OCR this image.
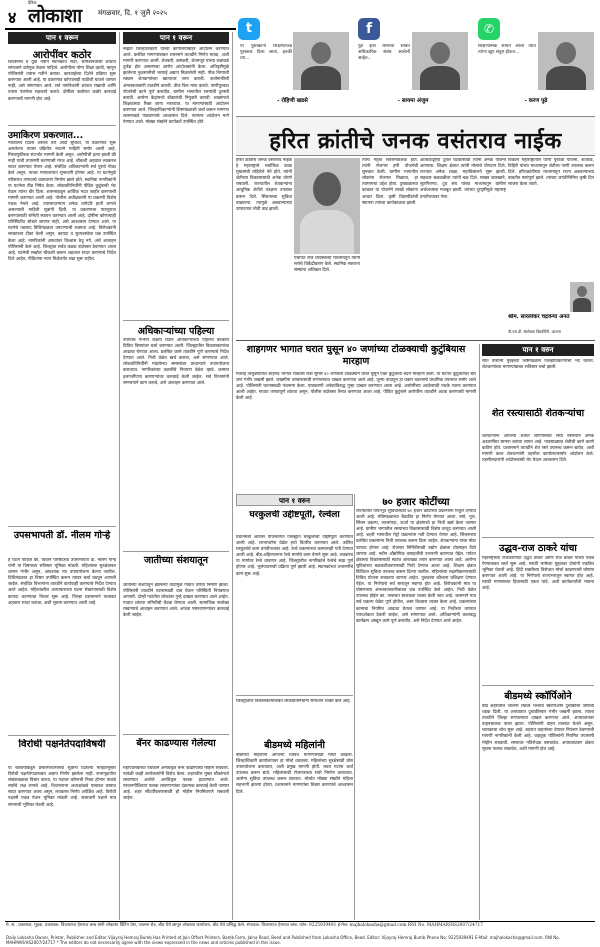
४
दैनिक
लोकाशा मंगळवार, दि. १ जुलै २०२५
पान १ वरून
आरोपींवर कठोर
शिवसेनेचे व युवा नवीन स्थानकात सदर, सोमेश्वरवरची शोधात समाजाने वर्तणूक ठेवला पाहिजे. आरोपीला योग्य शिक्षा व्हावी, म्हणून पोलिसांनी तपास गतीने करावा. कारवाईच्या दिशेने प्रक्रिया सुरू करण्यात आली आहे. या प्रकरणात कोणालाही पाठीशी घातले जाणार नाही, असे सांगण्यात आले. सर्व नागरिकांनी शांतता राखावी आणि तपास यंत्रणेला सहकार्य करावे. दोषींवर कठोरात कठोर कारवाई करण्याची मागणी होत आहे.
उमाकिरण प्रकरणात...
न्यायालय दिवस असला तरी आदी सुविधा, या प्रकरणात सुरू असलेल्या तपास प्रक्रियेत नव्याने माहिती समोर आली आहे. मिरवणुकीच्या संदर्भात मागणी केली असून, आरोपीची हत्या झाली की नाही याची तपासणी करण्याची गरज आहे. चौकशी अहवाल लवकरच सादर करण्यात येणार आहे. संबंधित अधिकाऱ्यांनी सर्व पुरावे गोळा केले असून, त्यावर न्यायालयात सुनावणी होणार आहे. या घटनेमुळे परिसरात तणावाचे वातावरण निर्माण झाले होते. स्थानिक नागरिकांनी या घटनेचा तीव्र निषेध केला. लोकप्रतिनिधींनी पीडित कुटुंबाची भेट घेऊन त्यांना धीर दिला. शासनाकडून आर्थिक मदत जाहीर करण्याची मागणी करण्यात आली आहे. पोलीस अधीक्षकांनी या प्रकरणी विशेष पथक नेमले आहे. तपासादरम्यान अनेक धागेदोरे हाती लागले असल्याची माहिती सूत्रांनी दिली. या प्रकरणाचा पाठपुरावा करण्यासाठी समिती स्थापन करण्यात आली आहे. दोषींना कोणत्याही परिस्थितीत सोडले जाणार नाही, असे आश्वासन देण्यात आले. या घटनेचे पडसाद विधिमंडळात उमटण्याची शक्यता आहे. विरोधकांनी सरकारवर टीका केली असून, कायदा व सुव्यवस्थेचा प्रश्न उपस्थित केला आहे. नागरिकांनी अफवांवर विश्वास ठेवू नये, असे आवाहन पोलिसांनी केले आहे. जिल्ह्यात सर्वत्र कडक बंदोबस्त ठेवण्यात आला आहे. घटनेची सखोल चौकशी करून अहवाल सादर करण्याचे निर्देश दिले आहेत. पीडितांना न्याय मिळेपर्यंत लढा सुरू राहील.
उपसभापती डॉ. नीलम गोऱ्हे
हे पटले पाहिजे की, विधान परिषदेच्या उपसभापती डॉ. नीलम गोऱ्हे यांनी या विषयावर सविस्तर भूमिका मांडली. महिलांच्या सुरक्षेबाबत शासन गंभीर असून, आवश्यक त्या उपाययोजना केल्या जातील. विधिमंडळात हा विषय उपस्थित करून त्यावर चर्चा घडवून आणली जाईल. संबंधित विभागांना तातडीने कार्यवाही करण्याचे निर्देश देण्यात आले आहेत. महिलांवरील अत्याचाराच्या घटना रोखण्यासाठी विशेष कायदा करण्याचा विचार सुरू आहे. जिल्हा प्रशासनाने याबाबत अहवाल सादर करावा, अशी सूचना करण्यात आली आहे.
विरोधी पक्षनेतेपदाविषयी
या चालत्याकडून प्रसारमाध्यमांच्या सूत्रांनी दिलेल्या माहितीनुसार विरोधी पक्षनेतेपदाबाबत अद्याप निर्णय झालेला नाही. सभागृहातील संख्याबळाचा विचार करता, या पदावर कोणाची निवड होणार याकडे सर्वांचे लक्ष लागले आहे. विधानसभा अध्यक्षांकडे याबाबत प्रस्ताव सादर करण्यात आला असून, लवकरच निर्णय अपेक्षित आहे. विरोधी पक्षांनी एकत्र येऊन भूमिका मांडली आहे. सत्ताधारी पक्षाने मात्र संयमाची भूमिका घेतली आहे.
पान १ वरून
नव्हता जिल्हाधिकारी यांच्या कार्यालयाबाहेर आंदोलन करण्यात आले. प्रलंबित मागण्यांबाबत शासनाने तातडीने निर्णय घ्यावा, अशी मागणी करण्यात आली. शेतकरी, कष्टकरी, शेतमजूर यांच्या प्रश्नांकडे दुर्लक्ष होत असल्याचा आरोप आंदोलकांनी केला. अतिवृष्टीमुळे झालेल्या नुकसानीची भरपाई अद्याप मिळालेली नाही. पीक विम्याची रक्कम शेतकऱ्यांच्या खात्यावर जमा करावी. कर्जमाफीची अंमलबजावणी तातडीने करावी. वीज बिल माफ करावे. पाणीपुरवठा योजनेची कामे पूर्ण करावीत. ग्रामीण भागातील रस्त्यांची दुरुस्ती करावी. आरोग्य केंद्रांमध्ये डॉक्टरांची नियुक्ती करावी. शाळांमध्ये शिक्षकांच्या रिक्त जागा भराव्यात. या मागण्यांसाठी आंदोलन करण्यात आले. जिल्हाधिकाऱ्यांनी शिष्टमंडळाशी चर्चा करून मागण्या शासनाकडे पाठवण्याचे आश्वासन दिले. त्यानंतर आंदोलन मागे घेण्यात आले. मोठ्या संख्येने कार्यकर्ते उपस्थित होते.
अधिकाऱ्यांच्या पहिल्या
उपायांचे गांभीर्य लक्षात घेऊन अधिकाऱ्यांच्या पहिल्या बैठकीत विविध विषयांवर चर्चा करण्यात आली. जिल्ह्यातील विकासकामांचा आढावा घेण्यात आला. प्रलंबित कामे तातडीने पूर्ण करण्याचे निर्देश देण्यात आले. निधी वेळेत खर्च करावा, असे सांगण्यात आले. लोकप्रतिनिधींनी मांडलेल्या समस्यांवर प्राधान्याने उपाययोजना कराव्यात. नागरिकांच्या तक्रारींचे निवारण वेळेत व्हावे. कामात हलगर्जीपणा करणाऱ्यांवर कारवाई केली जाईल. सर्व विभागांनी समन्वयाने काम करावे, असे आवाहन करण्यात आले.
जातीच्या संशयातून
जातीच्या संशयातून झालेल्या वादामुळे गावात तणाव निर्माण झाला. पोलिसांनी तातडीने घटनास्थळी धाव घेऊन परिस्थिती नियंत्रणात आणली. दोन्ही गटांतील लोकांवर गुन्हे दाखल करण्यात आले आहेत. गावात शांतता समितीची बैठक घेण्यात आली. सामाजिक सलोखा राखण्याचे आवाहन करण्यात आले. अफवा पसरवणाऱ्यांवर कारवाई केली जाईल.
बॅनर काढण्यास गेलेल्या
महापालिकेच्या पथकाने अनधिकृत बॅनर काढण्याची मोहीम राबवली. यावेळी काही कार्यकर्त्यांनी विरोध केला. शहरातील मुख्य चौकांमध्ये लावण्यात आलेले अनधिकृत फलक हटवण्यात आले. परवानगीशिवाय फलक लावणाऱ्यांवर दंडात्मक कारवाई केली जाणार आहे. शहर सौंदर्यीकरणासाठी ही मोहीम नियमितपणे राबवली जाईल.
t
या पुस्तकांना शिक्षणतज्ज्ञ पुरस्कार दिला जावा, इतकी त्या...
- रोहिणी खडसे
f
पुढे इतर धर्मांच्या सोबत अधिकारिक संबंध आलेली आहेत..
- सायमा अंजुम
✆
शिक्षणात्मक साधने आली त्यात त्यांना खूप संतुष्ट होऊन...
- करण पुढे
हरित क्रांतीचे जनक वसंतराव नाईक
हरित क्रांतीचे जनक वसंतराव नाईक हे महाराष्ट्राचे सर्वाधिक काळ मुख्यमंत्री राहिलेले नेते होते. त्यांनी शेतीच्या विकासासाठी अनेक धोरणे राबवली. राज्यातील शेतकऱ्यांना आधुनिक शेतीचे तंत्रज्ञान उपलब्ध करून दिले. सिंचनाच्या सुविधा वाढवल्या. त्यामुळे अन्नधान्याच्या उत्पादनात मोठी वाढ झाली.
त्यांचे नेतृत्व सर्वसमावेशक होते. त्यांनी रोजगार हमी योजनेची सुरुवात केली. ग्रामीण भागातील लोकांना रोजगार मिळावा, हा त्यामागचा उद्देश होता. दुष्काळाच्या काळात या योजनेने लाखो लोकांना आधार दिला. कृषी विद्यापीठांची स्थापना त्यांच्या कार्यकाळात झाली.
पंचायत राज व्यवस्थेच्या माध्यमातून त्यांनी सत्तेचे विकेंद्रीकरण केले. स्थानिक स्वराज्य संस्थांना अधिकार दिले.
आर्थिकदृष्ट्या दुर्बल घटकांसाठी त्यांनी अनेक योजना आणल्या. शिक्षण क्षेत्रात त्यांनी मोलाचे योगदान दिले. राज्यात अनेक शाळा, महाविद्यालये सुरू झाली. सहकार चळवळीला त्यांनी बळ दिले. साखर कारखाने, सूतगिरण्या, दूध संघ यांच्या माध्यमातून ग्रामीण अर्थव्यवस्था मजबूत झाली. त्यांच्या दूरदृष्टीमुळे महाराष्ट्र प्रगतीपथावर गेला.
विकास महाराष्ट्रातील पाणी पुरवठा योजना, शेततळे, विहिरी यांच्या माध्यमातून शेतीला पाणी उपलब्ध करून दिले. हरितक्रांतीच्या माध्यमातून राज्य अन्नधान्याच्या बाबतीत स्वयंपूर्ण झाले. त्यांच्या जयंतीनिमित्त कृषी दिन साजरा केला जातो.
श्रीम. सारलोकर चंद्रवन्या अनंत
पी.एच.डी. संशोधक विद्यार्थिनी, जालना
शाहगणर भागात घरात घुसून ४० जणांच्या टोळक्याची कुटुंबियास मारहाण
गेवराई तालुक्यातील शाहगड भागात रविवारी रात्री सुमारे ४० जणांच्या टोळक्याने घरात घुसून एका कुटुंबाला बेदम मारहाण केली. या घटनेत कुटुंबातील चार जण गंभीर जखमी झाले. जखमींना उपचारासाठी रुग्णालयात दाखल करण्यात आले आहे. जुन्या वादातून हा प्रकार घडल्याचे प्राथमिक तपासात समोर आले आहे. पोलिसांनी घटनास्थळी पंचनामा केला. याप्रकरणी अनेकांविरुद्ध गुन्हा दाखल करण्यात आला आहे. आरोपींच्या अटकेसाठी पथके रवाना करण्यात आली आहेत. गावात तणावपूर्ण शांतता असून, पोलीस बंदोबस्त तैनात करण्यात आला आहे. पीडित कुटुंबाने आरोपींना तातडीने अटक करण्याची मागणी केली आहे.
पान १ वरुन
सात तासांनी मुंबईच्या शिष्टमंडळाने जिल्हाधिकाऱ्यांची भेट घेतली. शेतकऱ्यांच्या मागण्यांबाबत सविस्तर चर्चा झाली.
शेत रस्त्यासाठी शेतकऱ्यांचा
शेतकऱ्यांना आपल्या शेतात जाण्यासाठी रस्ता नसल्याने अनेक अडचणींचा सामना करावा लागत आहे. पावसाळ्यात शेतीची कामे करणे कठीण होते. प्रशासनाने तातडीने शेत रस्ते उपलब्ध करून द्यावेत, अशी मागणी करत शेतकऱ्यांनी तहसील कार्यालयासमोर आंदोलन केले. तहसीलदारांनी आंदोलकांची भेट घेऊन आश्वासन दिले.
उद्धव-राज ठाकरे यांचा
महाराष्ट्राच्या राजकारणात उद्धव ठाकरे आणि राज ठाकरे यांच्या एकत्र येण्याबाबत चर्चा सुरू आहे. मराठी भाषेच्या मुद्द्यावर दोघांनी एकत्रित भूमिका घेतली आहे. हिंदी सक्तीच्या विरोधात मोर्चा काढण्याची घोषणा करण्यात आली आहे. या निर्णयाचे राज्यभरातून स्वागत होत आहे. मराठी माणसाच्या हितासाठी एकत्र यावे, अशी कार्यकर्त्यांची भावना आहे.
बीडमध्ये स्कॉर्पिओने
बीड शहरातील जालना रोडवर भरधाव स्कॉर्पिओने दुचाकीला जोराची धडक दिली. या अपघातात दुचाकीस्वार गंभीर जखमी झाला. त्याला तातडीने जिल्हा रुग्णालयात दाखल करण्यात आले. अपघातानंतर वाहनचालक फरार झाला. पोलिसांनी वाहन ताब्यात घेतले असून, चालकाचा शोध सुरू आहे. शहरात वाहनांच्या वेगावर नियंत्रण ठेवण्याची मागणी नागरिकांनी केली आहे. वाहतूक पोलिसांनी नियमित तपासणी मोहीम राबवावी. रस्त्यावर गतिरोधक बसवावेत. अपघातप्रवण क्षेत्रात सूचना फलक लावावेत, अशी मागणी होत आहे.
७० हजार कोटींच्या
राज्यातील पायाभूत सुविधांसाठी ७० हजार कोटींच्या प्रकल्पांना मंजुरी देण्यात आली आहे. मंत्रिमंडळाच्या बैठकीत हा निर्णय घेण्यात आला. रस्ते, पूल, सिंचन प्रकल्प, जलसंपदा, ऊर्जा या क्षेत्रांमध्ये हा निधी खर्च केला जाणार आहे. ग्रामीण भागातील रस्त्यांच्या विकासासाठी विशेष तरतूद करण्यात आली आहे. शहरी भागातील मेट्रो प्रकल्पांना गती देण्यात येणार आहे. सिंचनाच्या प्रलंबित प्रकल्पांना निधी उपलब्ध करून दिला जाईल. शेतकऱ्यांना याचा मोठा फायदा होणार आहे. रोजगार निर्मितीसाठी उद्योग क्षेत्राला प्रोत्साहन दिले जाणार आहे. नवीन औद्योगिक वसाहतींची उभारणी करण्यात येईल. पर्यटन क्षेत्राच्या विकासासाठी स्वतंत्र आराखडा तयार करण्यात आला आहे. आरोग्य सुविधांच्या बळकटीकरणासाठी निधी देण्यात आला आहे. शिक्षण क्षेत्रात डिजिटल सुविधा उपलब्ध करून दिल्या जातील. महिलांच्या सक्षमीकरणासाठी विविध योजना राबवल्या जाणार आहेत. युवकांना कौशल्य प्रशिक्षण देण्यात येईल. या निर्णयाचे सर्व स्तरातून स्वागत होत आहे. विरोधकांनी मात्र या घोषणांच्या अंमलबजावणीबाबत प्रश्न उपस्थित केले आहेत. निधी वेळेत उपलब्ध होईल का, याबाबत साशंकता व्यक्त केली जात आहे. शासनाने मात्र सर्व प्रकल्प वेळेत पूर्ण होतील, असा विश्वास व्यक्त केला आहे. प्रकल्पांच्या कामाचा नियमित आढावा घेतला जाणार आहे. या निधीच्या वापरात पारदर्शकता ठेवली जाईल, असे सांगण्यात आले. अधिकाऱ्यांनी कालबद्ध कार्यक्रम आखून कामे पूर्ण करावीत, असे निर्देश देण्यात आले आहेत.
पान १ वरुन
घरकुलची उद्दीष्टपूर्ती, रेल्वेला
प्रधानमंत्री आवास योजनेंतर्गत जिल्ह्यात घरकुलांची उद्दिष्टपूर्ती करण्यात आली आहे. लाभार्थ्यांना वेळेत हप्ते वितरित करण्यात आले. उर्वरित घरकुलांचे काम प्रगतीपथावर आहे. रेल्वे प्रकल्पाच्या कामालाही गती देण्यात आली आहे. बीड-अहिल्यानगर रेल्वे मार्गाचे काम वेगाने सुरू आहे. लवकरच या मार्गावर रेल्वे धावणार आहे. जिल्ह्यातील नागरिकांचे रेल्वेचे स्वप्न पूर्ण होणार आहे. भूसंपादनाची प्रक्रिया पूर्ण झाली आहे. स्थानकांच्या उभारणीचे काम सुरू आहे.
जिल्ह्यातील विकासकामांबाबत लोकप्रतिनिधींनी समाधान व्यक्त केले आहे.
बीडमध्ये महिलांनी
बीडमध्ये महिलांनी आपल्या विविध मागण्यांसाठी मोर्चा काढला. जिल्हाधिकारी कार्यालयावर हा मोर्चा धडकला. महिलांच्या सुरक्षेसाठी ठोस उपाययोजना कराव्यात, अशी प्रमुख मागणी होती. बचत गटांना कर्ज उपलब्ध करून द्यावे. महिलांसाठी रोजगाराच्या संधी निर्माण कराव्यात. आरोग्य सुविधा उपलब्ध करून द्याव्यात. मोर्चात मोठ्या संख्येने महिला सहभागी झाल्या होत्या. प्रशासनाने मागण्यांचा विचार करण्याचे आश्वासन दिले.
मे. सं.. प्रकाशक, मुद्रक, प्रकाशक: विजयराज हेमराज बम्ब यांनी लोकाशा प्रिंटिंग प्रेस, जालना रोड, बीड येथे छापून लोकाशा कार्यालय, बीड येथे प्रसिद्ध केले. संपादक: विजयराज हेमराज बम्ब. फोन: 9225939491 ई-मेल: majhalokasha@gmail.com RNI No. MAHMAR/HS2007/24717
Daily Lokasha Owner, Printer, Publisher and Editor Vijayraj Hemraj Bumb Has Printed at Jain Offset Printers, Bamb Farm, Jalna Road, Beed and Published from Lokasha Office, Beed. Editor: Vijayraj Hemraj Bumb Phone No: 9225939491 E-Mail: majhalokasha@gmail.com. RNI No. MAHMAR/HS2007/24717 * The editors do not necessarily agree with the views expressed in the news and articles published in this issue.
